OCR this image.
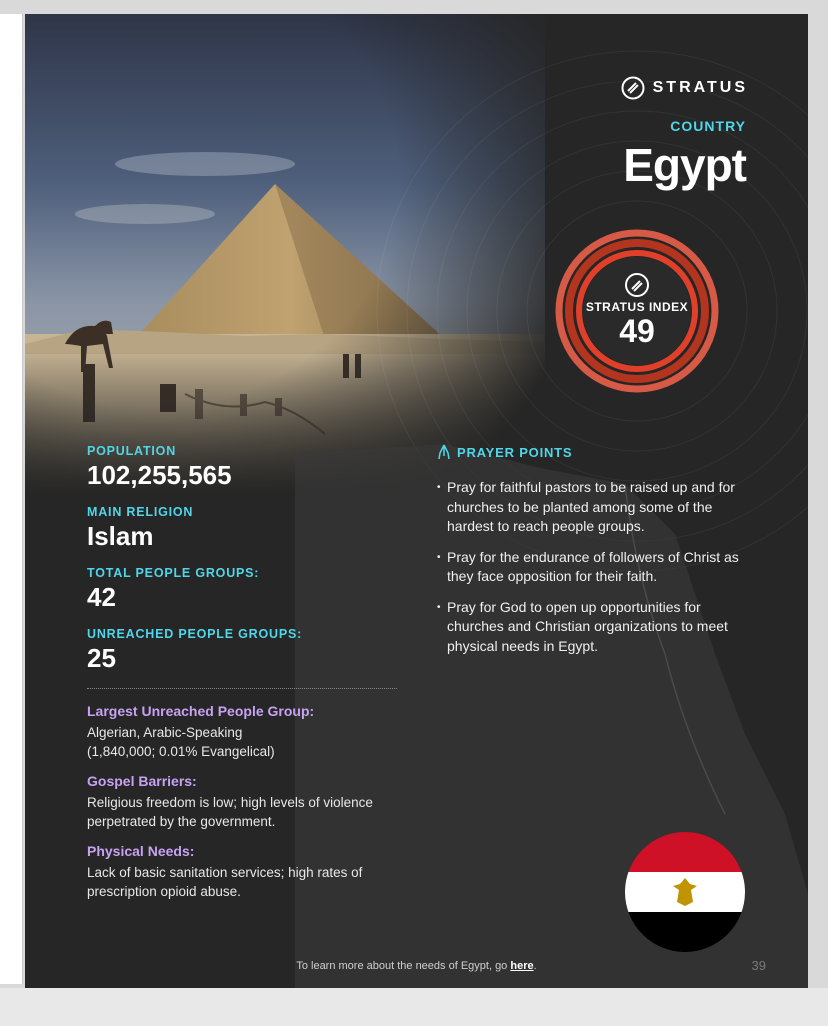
STRATUS
COUNTRY
Egypt
STRATUS INDEX
49
POPULATION
102,255,565
MAIN RELIGION
Islam
TOTAL PEOPLE GROUPS:
42
UNREACHED PEOPLE GROUPS:
25
Largest Unreached People Group:
Algerian, Arabic-Speaking
(1,840,000; 0.01% Evangelical)
Gospel Barriers:
Religious freedom is low; high levels of violence perpetrated by the government.
Physical Needs:
Lack of basic sanitation services; high rates of prescription opioid abuse.
PRAYER POINTS
• Pray for faithful pastors to be raised up and for churches to be planted among some of the hardest to reach people groups.
• Pray for the endurance of followers of Christ as they face opposition for their faith.
• Pray for God to open up opportunities for churches and Christian organizations to meet physical needs in Egypt.
To learn more about the needs of Egypt, go here.	39
